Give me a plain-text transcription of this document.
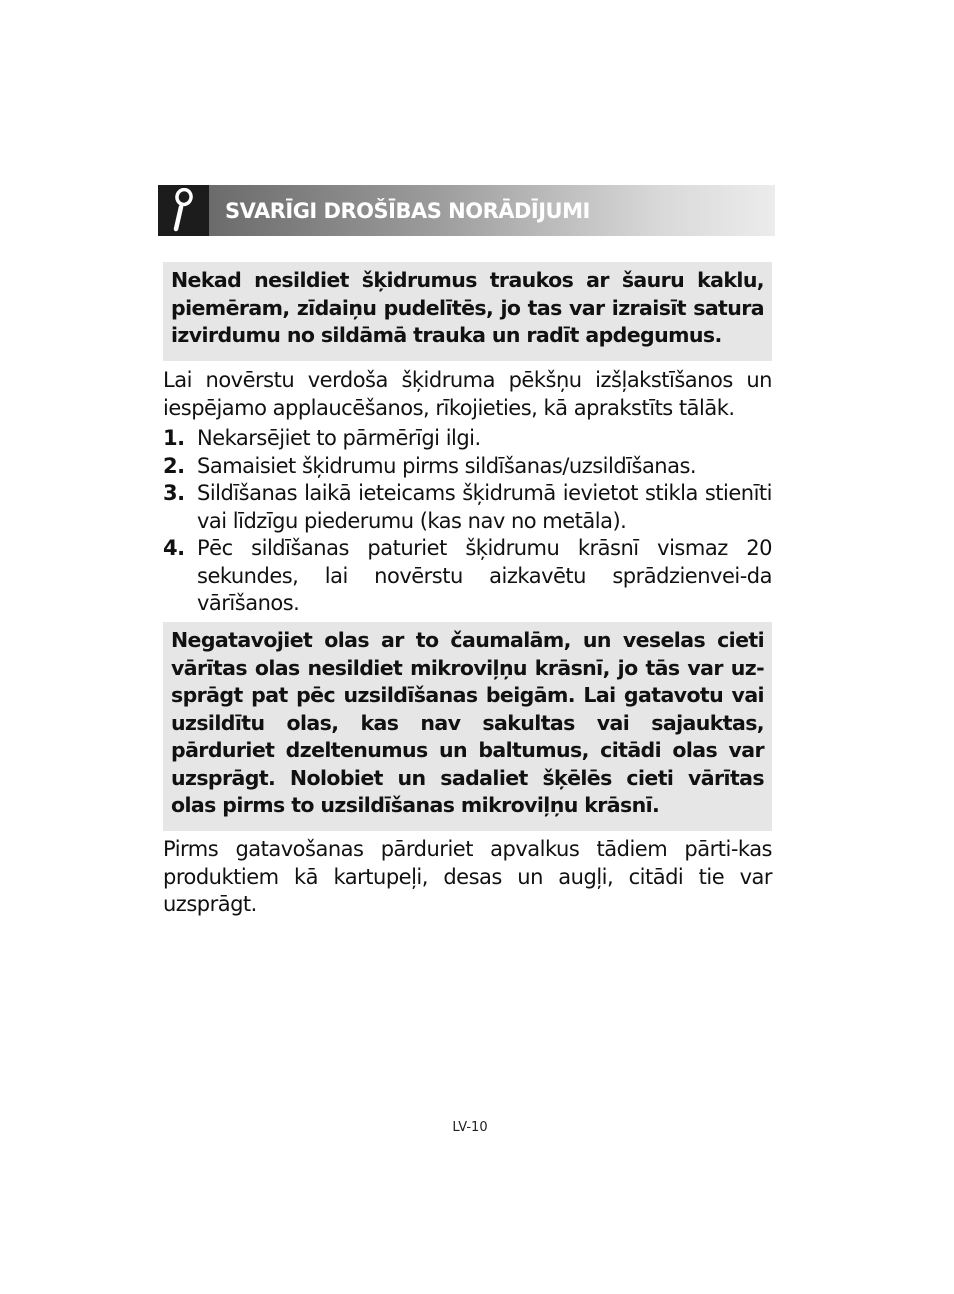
SVARĪGI DROŠĪBAS NORĀDĪJUMI
Nekad nesildiet šķidrumus traukos ar šauru kaklu, piemēram, zīdaiņu pudelītēs, jo tas var izraisīt satura izvirdumu no sildāmā trauka un radīt apdegumus.
Lai novērstu verdoša šķidruma pēkšņu izšļakstīšanos un iespējamo applaucēšanos, rīkojieties, kā aprakstīts tālāk.
1. Nekarsējiet to pārmērīgi ilgi.
2. Samaisiet šķidrumu pirms sildīšanas/uzsildīšanas.
3. Sildīšanas laikā ieteicams šķidrumā ievietot stikla stienīti vai līdzīgu piederumu (kas nav no metāla).
4. Pēc sildīšanas paturiet šķidrumu krāsnī vismaz 20 sekundes, lai novērstu aizkavētu sprādzienvei-da vārīšanos.
Negatavojiet olas ar to čaumalām, un veselas cieti vārītas olas nesildiet mikroviļņu krāsnī, jo tās var uz-sprāgt pat pēc uzsildīšanas beigām. Lai gatavotu vai uzsildītu olas, kas nav sakultas vai sajauktas, pārduriet dzeltenumus un baltumus, citādi olas var uzsprāgt. Nolobiet un sadaliet šķēlēs cieti vārītas olas pirms to uzsildīšanas mikroviļņu krāsnī.
Pirms gatavošanas pārduriet apvalkus tādiem pārti-kas produktiem kā kartupeļi, desas un augļi, citādi tie var uzsprāgt.
LV-10
